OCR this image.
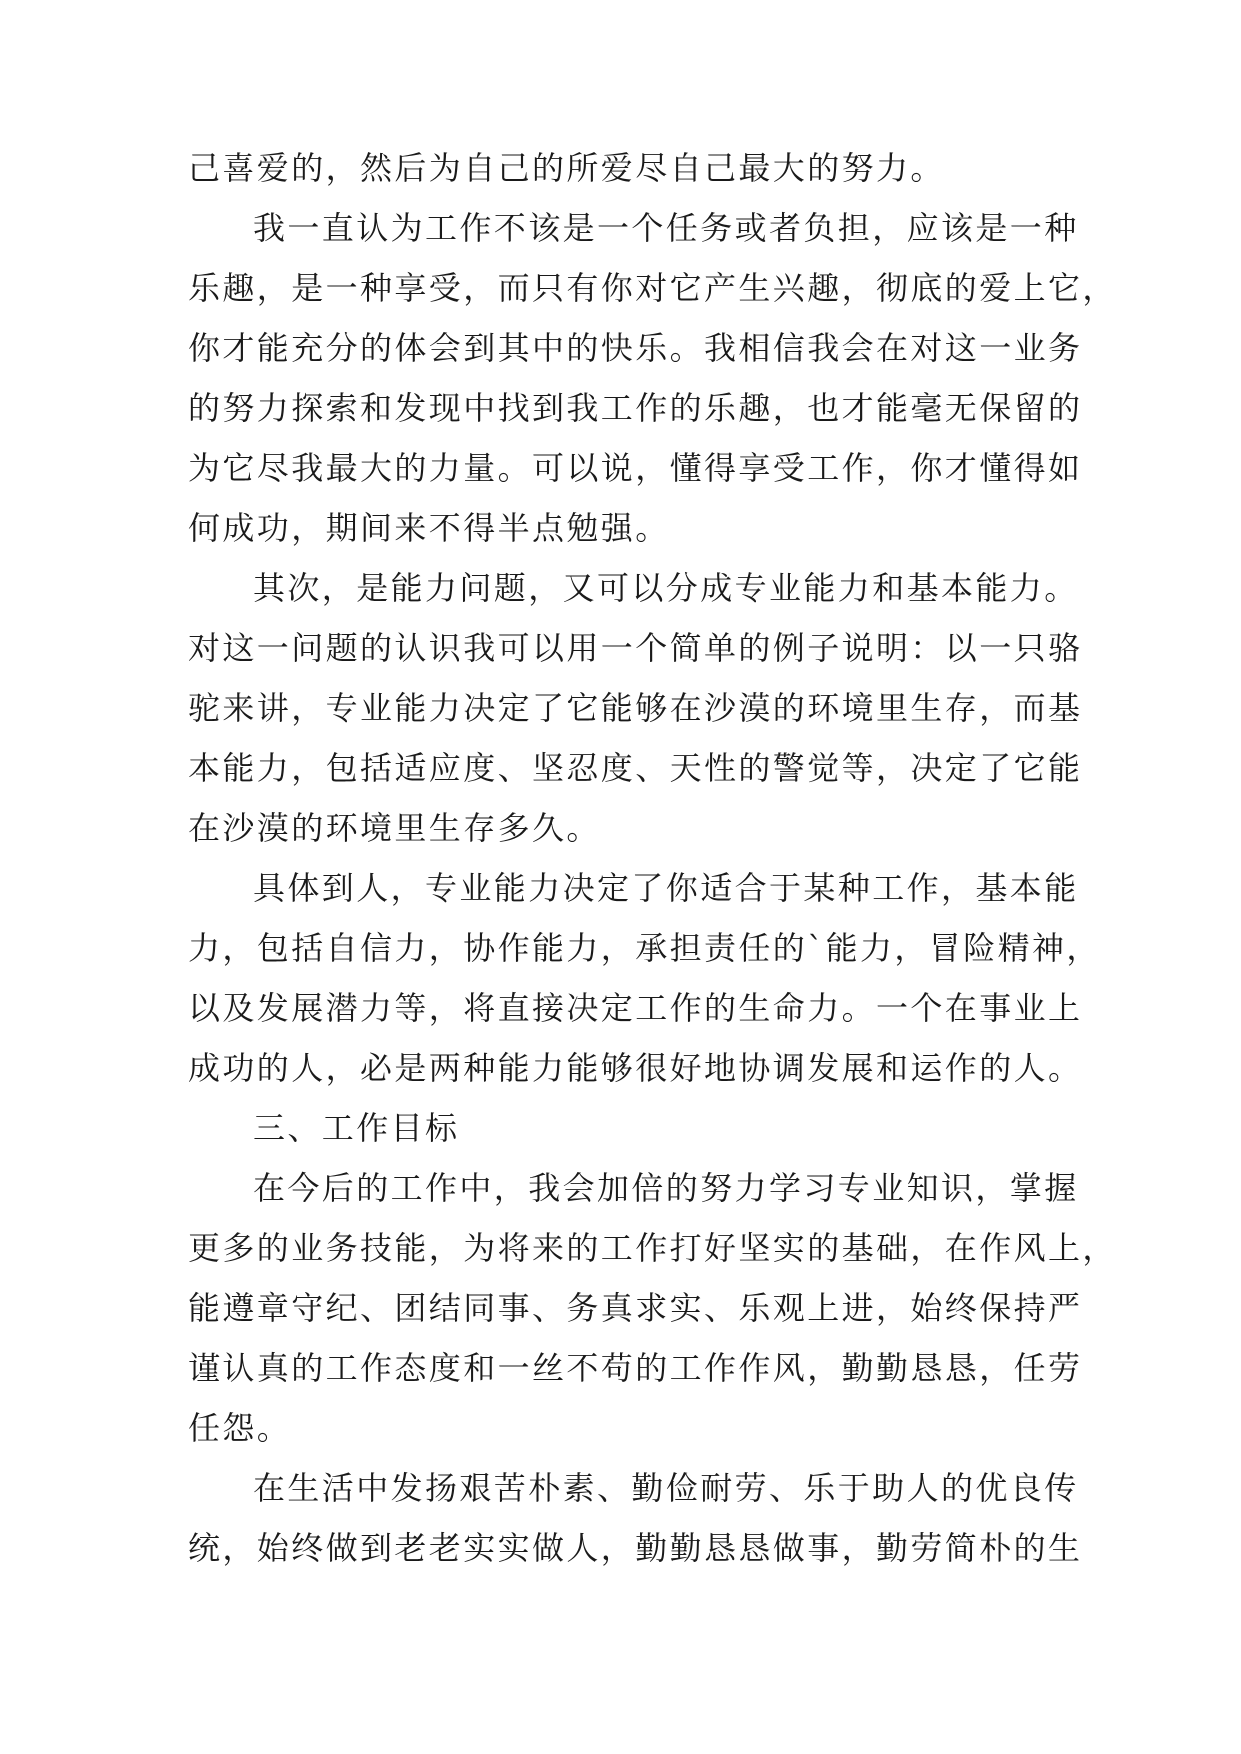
己喜爱的，然后为自己的所爱尽自己最大的努力。
我一直认为工作不该是一个任务或者负担，应该是一种
乐趣，是一种享受，而只有你对它产生兴趣，彻底的爱上它，
你才能充分的体会到其中的快乐。我相信我会在对这一业务
的努力探索和发现中找到我工作的乐趣，也才能毫无保留的
为它尽我最大的力量。可以说，懂得享受工作，你才懂得如
何成功，期间来不得半点勉强。
其次，是能力问题，又可以分成专业能力和基本能力。
对这一问题的认识我可以用一个简单的例子说明：以一只骆
驼来讲，专业能力决定了它能够在沙漠的环境里生存，而基
本能力，包括适应度、坚忍度、天性的警觉等，决定了它能
在沙漠的环境里生存多久。
具体到人，专业能力决定了你适合于某种工作，基本能
力，包括自信力，协作能力，承担责任的`能力，冒险精神，
以及发展潜力等，将直接决定工作的生命力。一个在事业上
成功的人，必是两种能力能够很好地协调发展和运作的人。
三、工作目标
在今后的工作中，我会加倍的努力学习专业知识，掌握
更多的业务技能，为将来的工作打好坚实的基础，在作风上，
能遵章守纪、团结同事、务真求实、乐观上进，始终保持严
谨认真的工作态度和一丝不苟的工作作风，勤勤恳恳，任劳
任怨。
在生活中发扬艰苦朴素、勤俭耐劳、乐于助人的优良传
统，始终做到老老实实做人，勤勤恳恳做事，勤劳简朴的生
